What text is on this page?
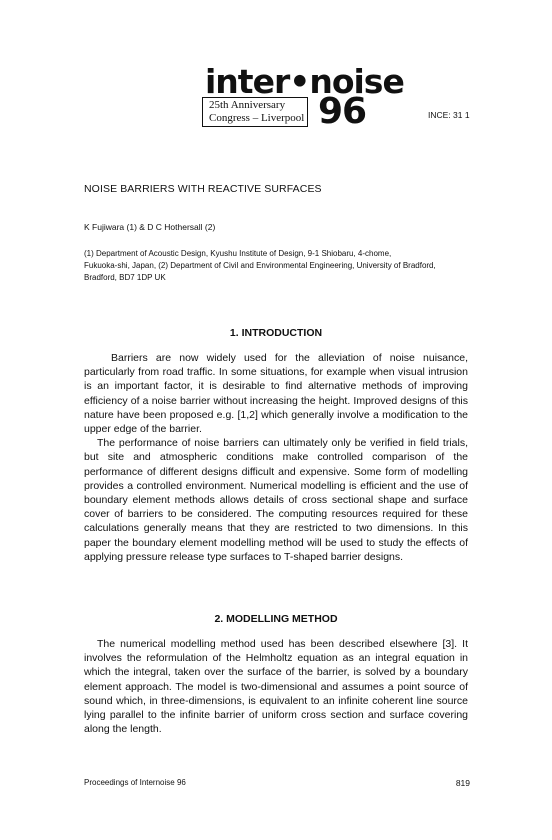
inter•noise
25th Anniversary
Congress – Liverpool 96	INCE: 31 1
NOISE BARRIERS WITH REACTIVE SURFACES
K Fujiwara (1) & D C Hothersall (2)
(1) Department of Acoustic Design, Kyushu Institute of Design, 9-1 Shiobaru, 4-chome,
Fukuoka-shi, Japan, (2) Department of Civil and Environmental Engineering, University of Bradford,
Bradford, BD7 1DP UK
1. INTRODUCTION

Barriers are now widely used for the alleviation of noise nuisance, particularly from road traffic. In some situations, for example when visual intrusion is an important factor, it is desirable to find alternative methods of improving efficiency of a noise barrier without increasing the height. Improved designs of this nature have been proposed e.g. [1,2] which generally involve a modification to the upper edge of the barrier.

The performance of noise barriers can ultimately only be verified in field trials, but site and atmospheric conditions make controlled comparison of the performance of different designs difficult and expensive. Some form of modelling provides a controlled environment. Numerical modelling is efficient and the use of boundary element methods allows details of cross sectional shape and surface cover of barriers to be considered. The computing resources required for these calculations generally means that they are restricted to two dimensions. In this paper the boundary element modelling method will be used to study the effects of applying pressure release type surfaces to T-shaped barrier designs.

2. MODELLING METHOD

The numerical modelling method used has been described elsewhere [3]. It involves the reformulation of the Helmholtz equation as an integral equation in which the integral, taken over the surface of the barrier, is solved by a boundary element approach. The model is two-dimensional and assumes a point source of sound which, in three-dimensions, is equivalent to an infinite coherent line source lying parallel to the infinite barrier of uniform cross section and surface covering along the length.

Proceedings of Internoise 96	819
